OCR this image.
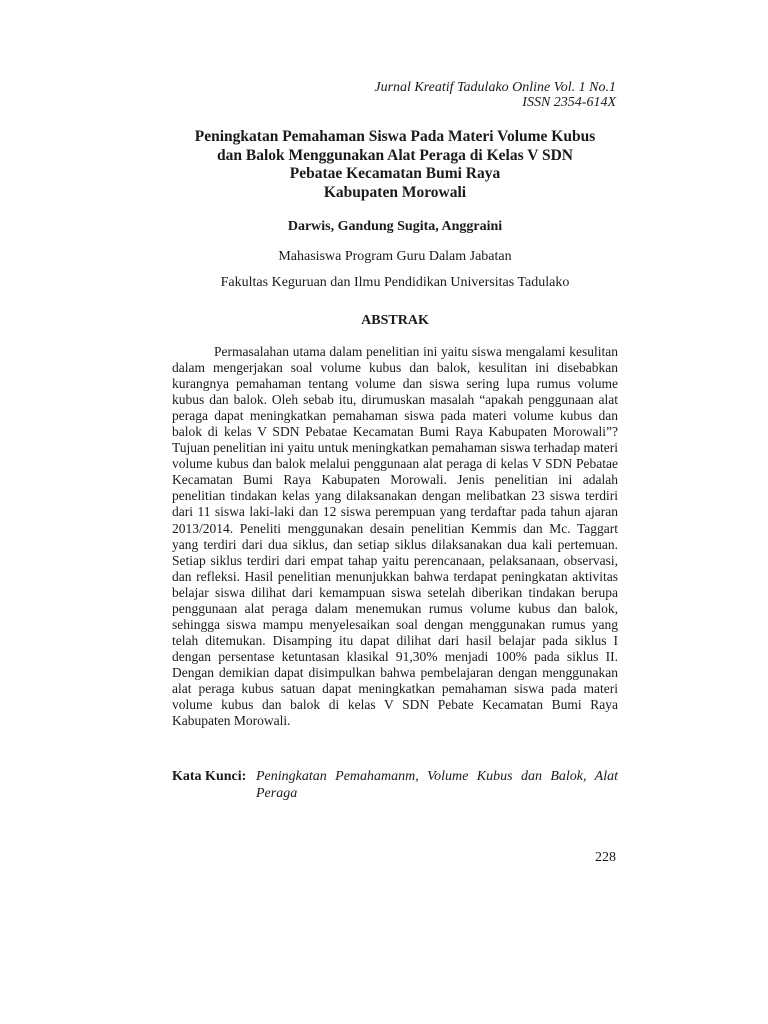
Jurnal Kreatif Tadulako Online Vol. 1 No.1
ISSN 2354-614X
Peningkatan Pemahaman Siswa Pada Materi Volume Kubus
dan Balok Menggunakan Alat Peraga di Kelas V SDN
Pebatae Kecamatan Bumi Raya
Kabupaten Morowali
Darwis, Gandung Sugita, Anggraini
Mahasiswa Program Guru Dalam Jabatan
Fakultas Keguruan dan Ilmu Pendidikan Universitas Tadulako
ABSTRAK

Permasalahan utama dalam penelitian ini yaitu siswa mengalami kesulitan dalam mengerjakan soal volume kubus dan balok, kesulitan ini disebabkan kurangnya pemahaman tentang volume dan siswa sering lupa rumus volume kubus dan balok. Oleh sebab itu, dirumuskan masalah “apakah penggunaan alat peraga dapat meningkatkan pemahaman siswa pada materi volume kubus dan balok di kelas V SDN Pebatae Kecamatan Bumi Raya Kabupaten Morowali”? Tujuan penelitian ini yaitu untuk meningkatkan pemahaman siswa terhadap materi volume kubus dan balok melalui penggunaan alat peraga di kelas V SDN Pebatae Kecamatan Bumi Raya Kabupaten Morowali. Jenis penelitian ini adalah penelitian tindakan kelas yang dilaksanakan dengan melibatkan 23 siswa terdiri dari 11 siswa laki-laki dan 12 siswa perempuan yang terdaftar pada tahun ajaran 2013/2014. Peneliti menggunakan desain penelitian Kemmis dan Mc. Taggart yang terdiri dari dua siklus, dan setiap siklus dilaksanakan dua kali pertemuan. Setiap siklus terdiri dari empat tahap yaitu perencanaan, pelaksanaan, observasi, dan refleksi. Hasil penelitian menunjukkan bahwa terdapat peningkatan aktivitas belajar siswa dilihat dari kemampuan siswa setelah diberikan tindakan berupa penggunaan alat peraga dalam menemukan rumus volume kubus dan balok, sehingga siswa mampu menyelesaikan soal dengan menggunakan rumus yang telah ditemukan. Disamping itu dapat dilihat dari hasil belajar pada siklus I dengan persentase ketuntasan klasikal 91,30% menjadi 100% pada siklus II. Dengan demikian dapat disimpulkan bahwa pembelajaran dengan menggunakan alat peraga kubus satuan dapat meningkatkan pemahaman siswa pada materi volume kubus dan balok di kelas V SDN Pebate Kecamatan Bumi Raya Kabupaten Morowali.

Kata Kunci: Peningkatan Pemahamanm, Volume Kubus dan Balok, Alat Peraga
228
